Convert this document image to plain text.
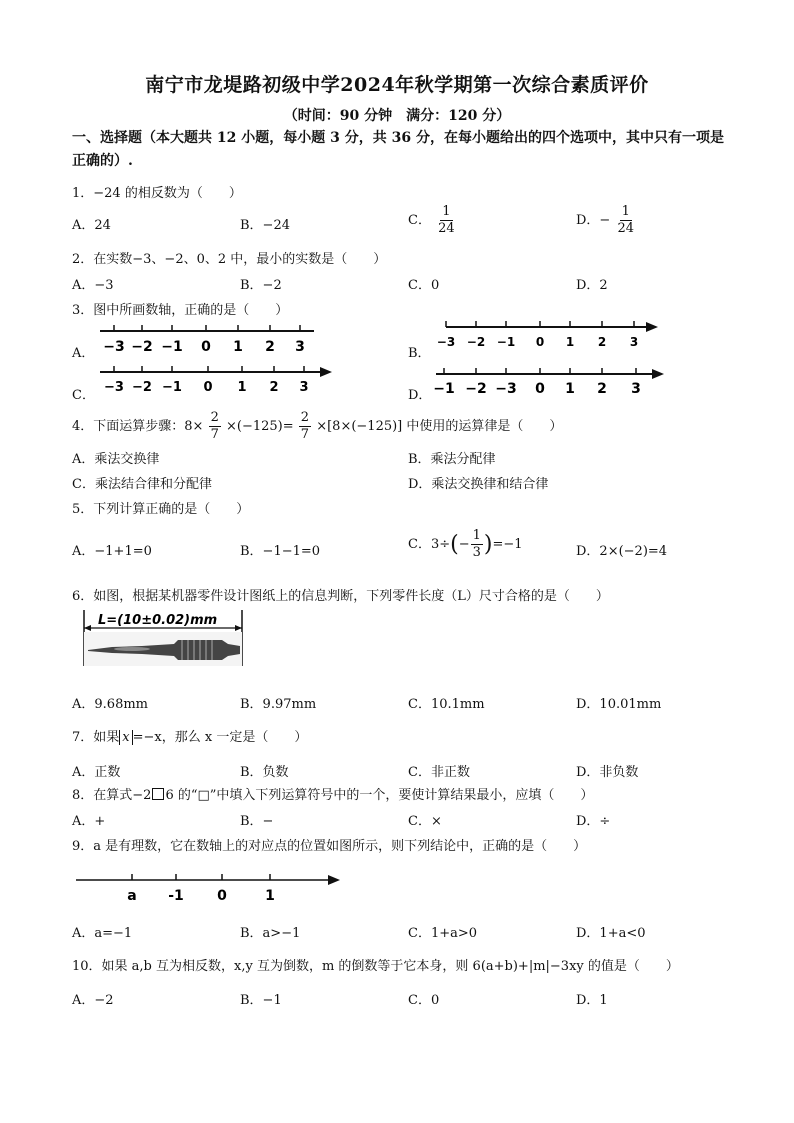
南宁市龙堤路初级中学2024年秋学期第一次综合素质评价
（时间：90 分钟　满分：120 分）
一、选择题（本大题共 12 小题，每小题 3 分，共 36 分，在每小题给出的四个选项中，其中只有一项是正确的）.
1．−24 的相反数为（　　）
A．24	B．−24	C． $\frac{1}{24}$	D．− $\frac{1}{24}$
2．在实数−3、−2、0、2 中，最小的实数是（　　）
A．−3	B．−2	C．0	D．2
3．图中所画数轴，正确的是（　　）
A．	B．
C．	D．
−3 −2 −1 0 1 2 3	−3 −2 −1 0 1 2 3
−3 −2 −1 0 1 2 3	−1 −2 −3 0 1 2 3
4．下面运算步骤：$8\times \frac{2}{7} \times(-125)= \frac{2}{7} \times[8\times(-125)]$ 中使用的运算律是（　　）
A．乘法交换律	B．乘法分配律
C．乘法结合律和分配律	D．乘法交换律和结合律
5．下列计算正确的是（　　）
A．−1+1=0	B．−1−1=0	C．$3\div(- \frac{1}{3} )=-1$	D．2×(−2)=4
6．如图，根据某机器零件设计图纸上的信息判断，下列零件长度（L）尺寸合格的是（　　）
L=(10±0.02)mm
A．9.68mm	B．9.97mm	C．10.1mm	D．10.01mm
7．如果 x =−x，那么 x 一定是（　　）
A．正数	B．负数	C．非正数	D．非负数
8．在算式−2 6 的“□”中填入下列运算符号中的一个，要使计算结果最小，应填（　　）
A．+	B．−	C．×	D．÷
9．a 是有理数，它在数轴上的对应点的位置如图所示，则下列结论中，正确的是（　　）
a -1 0	1
A．a=−1	B．a>−1	C．1+a>0	D．1+a<0
10．如果 a,b 互为相反数，x,y 互为倒数，m 的倒数等于它本身，则 6(a+b)+|m|−3xy 的值是（　　）
A．−2	B．−1	C．0	D．1
